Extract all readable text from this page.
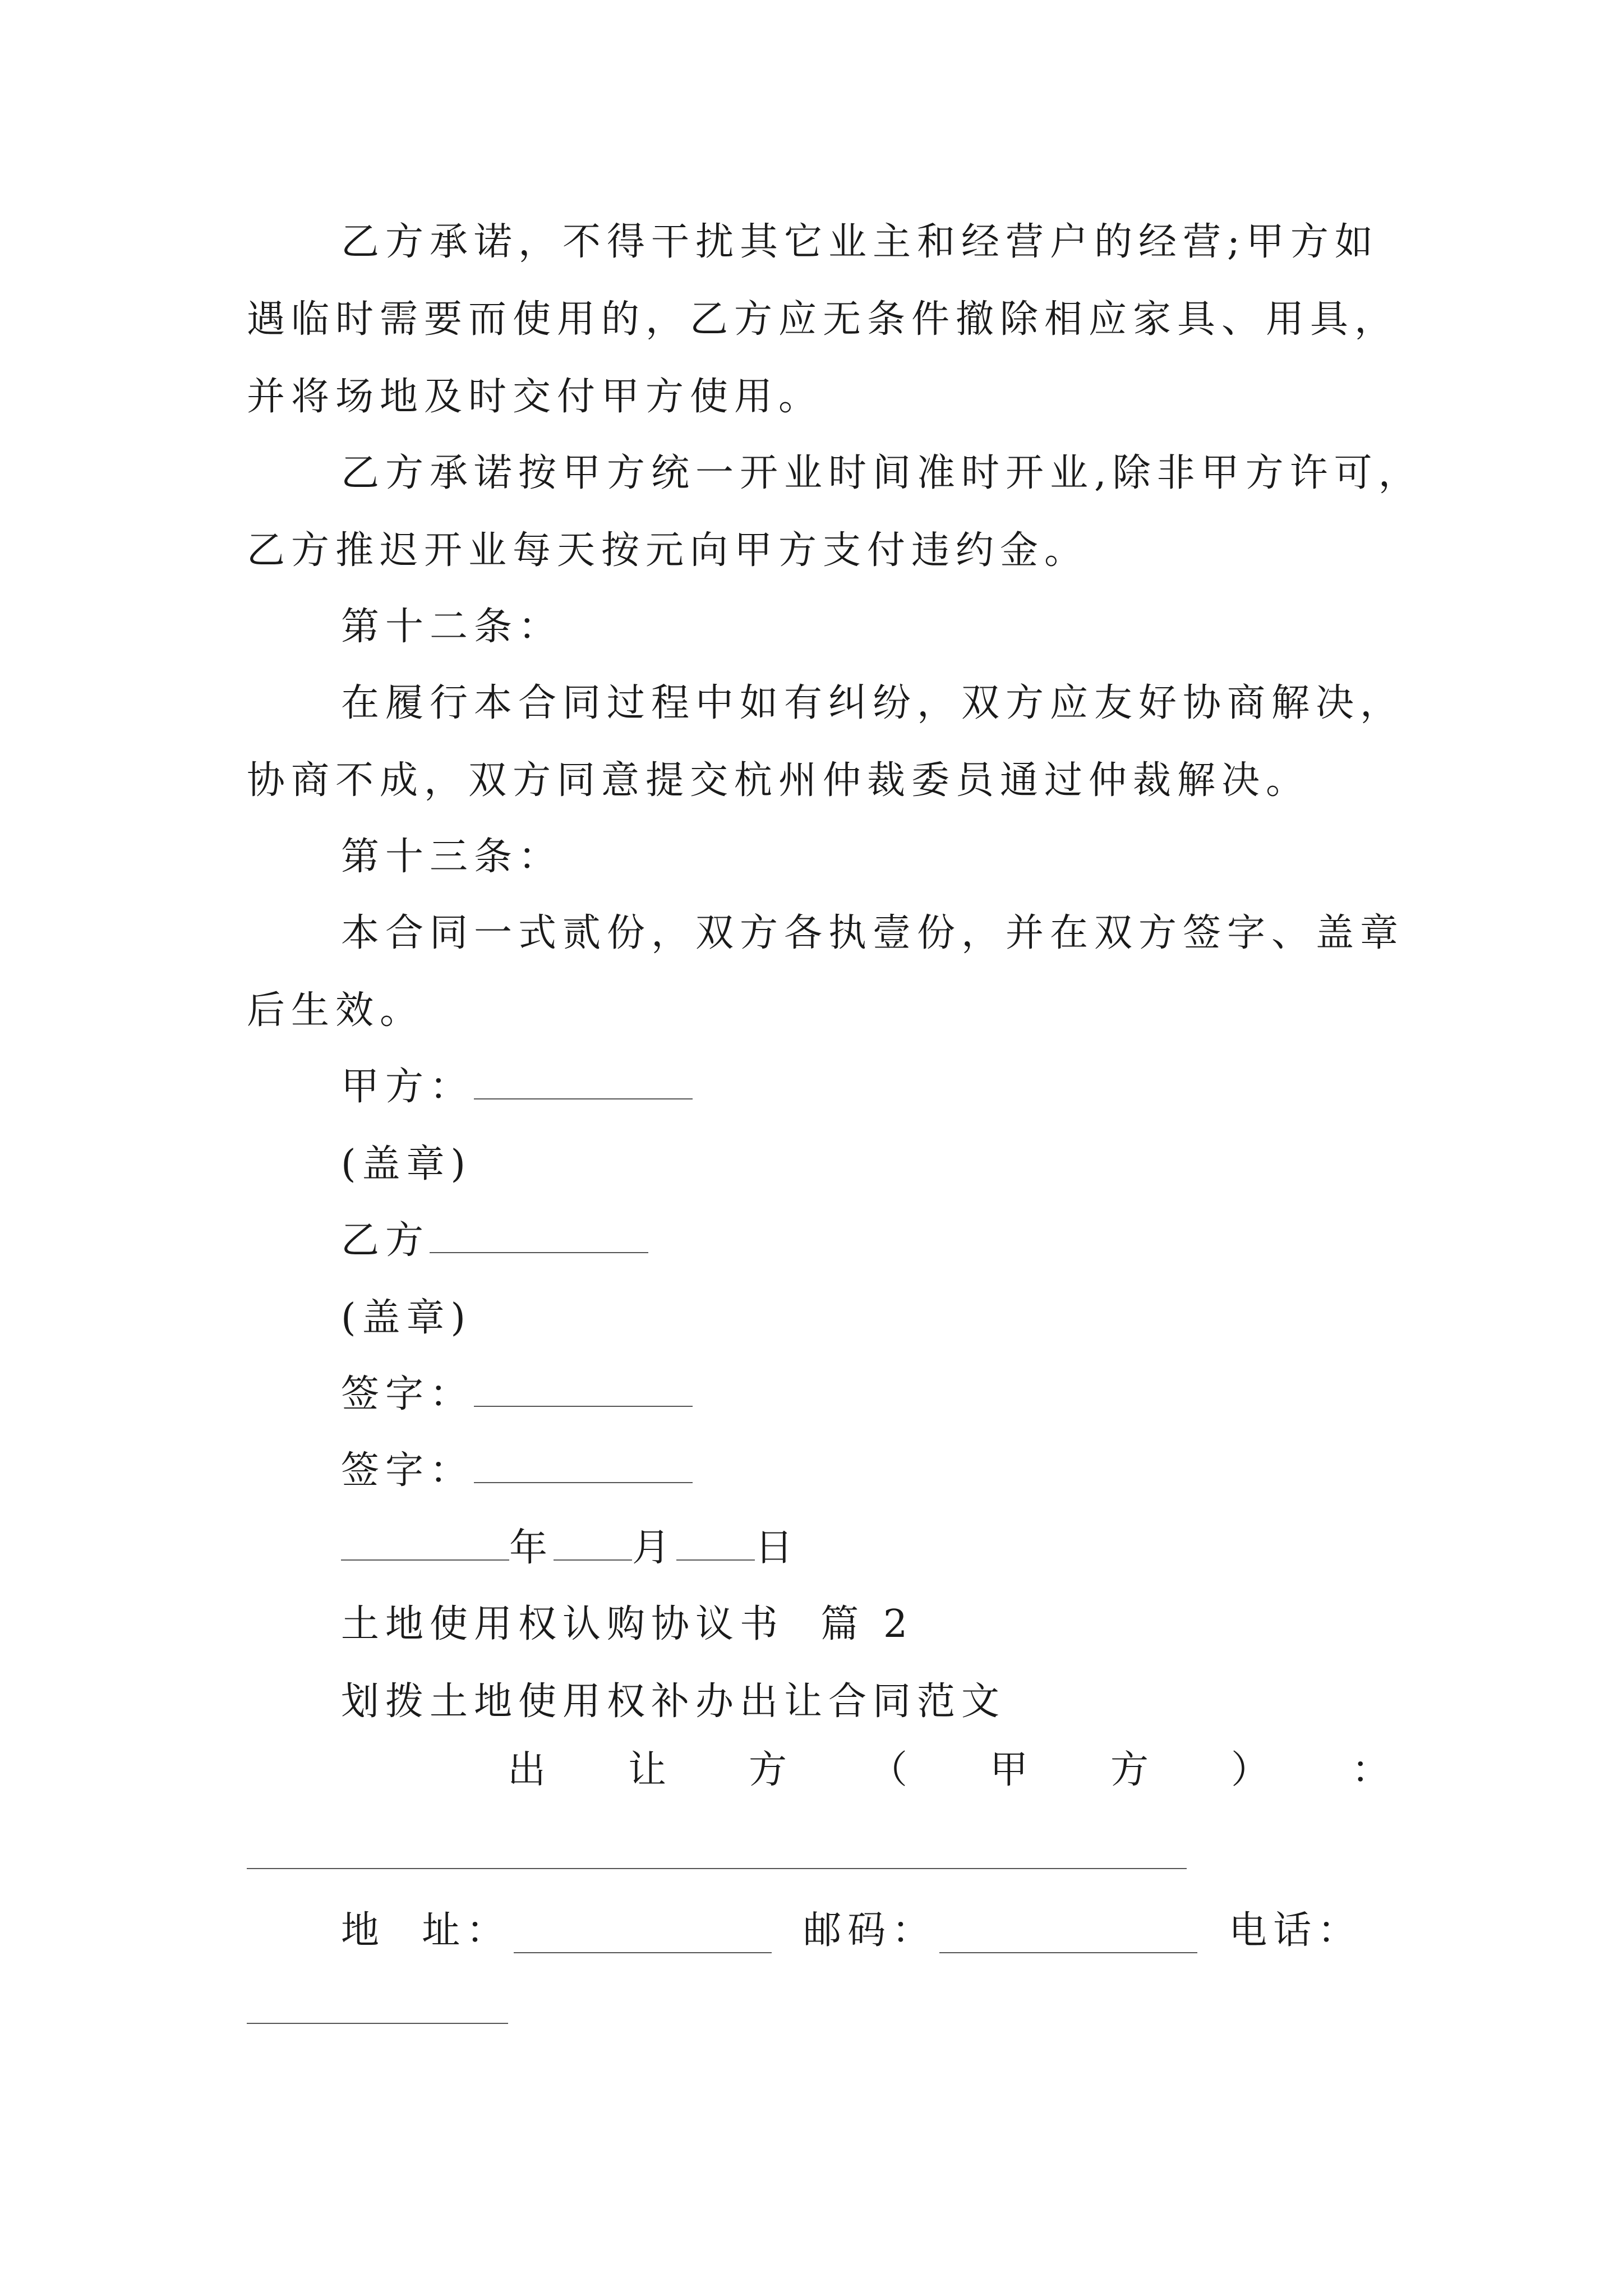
乙方承诺，不得干扰其它业主和经营户的经营;甲方如
遇临时需要而使用的，乙方应无条件撤除相应家具、用具，
并将场地及时交付甲方使用。
乙方承诺按甲方统一开业时间准时开业,除非甲方许可，
乙方推迟开业每天按元向甲方支付违约金。
第十二条：
在履行本合同过程中如有纠纷，双方应友好协商解决，
协商不成，双方同意提交杭州仲裁委员通过仲裁解决。
第十三条：
本合同一式贰份，双方各执壹份，并在双方签字、盖章
后生效。
甲方：
(盖章)
乙方
(盖章)
签字：
签字：
年 月 日
土地使用权认购协议书  篇 2
划拨土地使用权补办出让合同范文
出 让 方 （ 甲 方 ） ：
地  址：	邮码：	电话：
